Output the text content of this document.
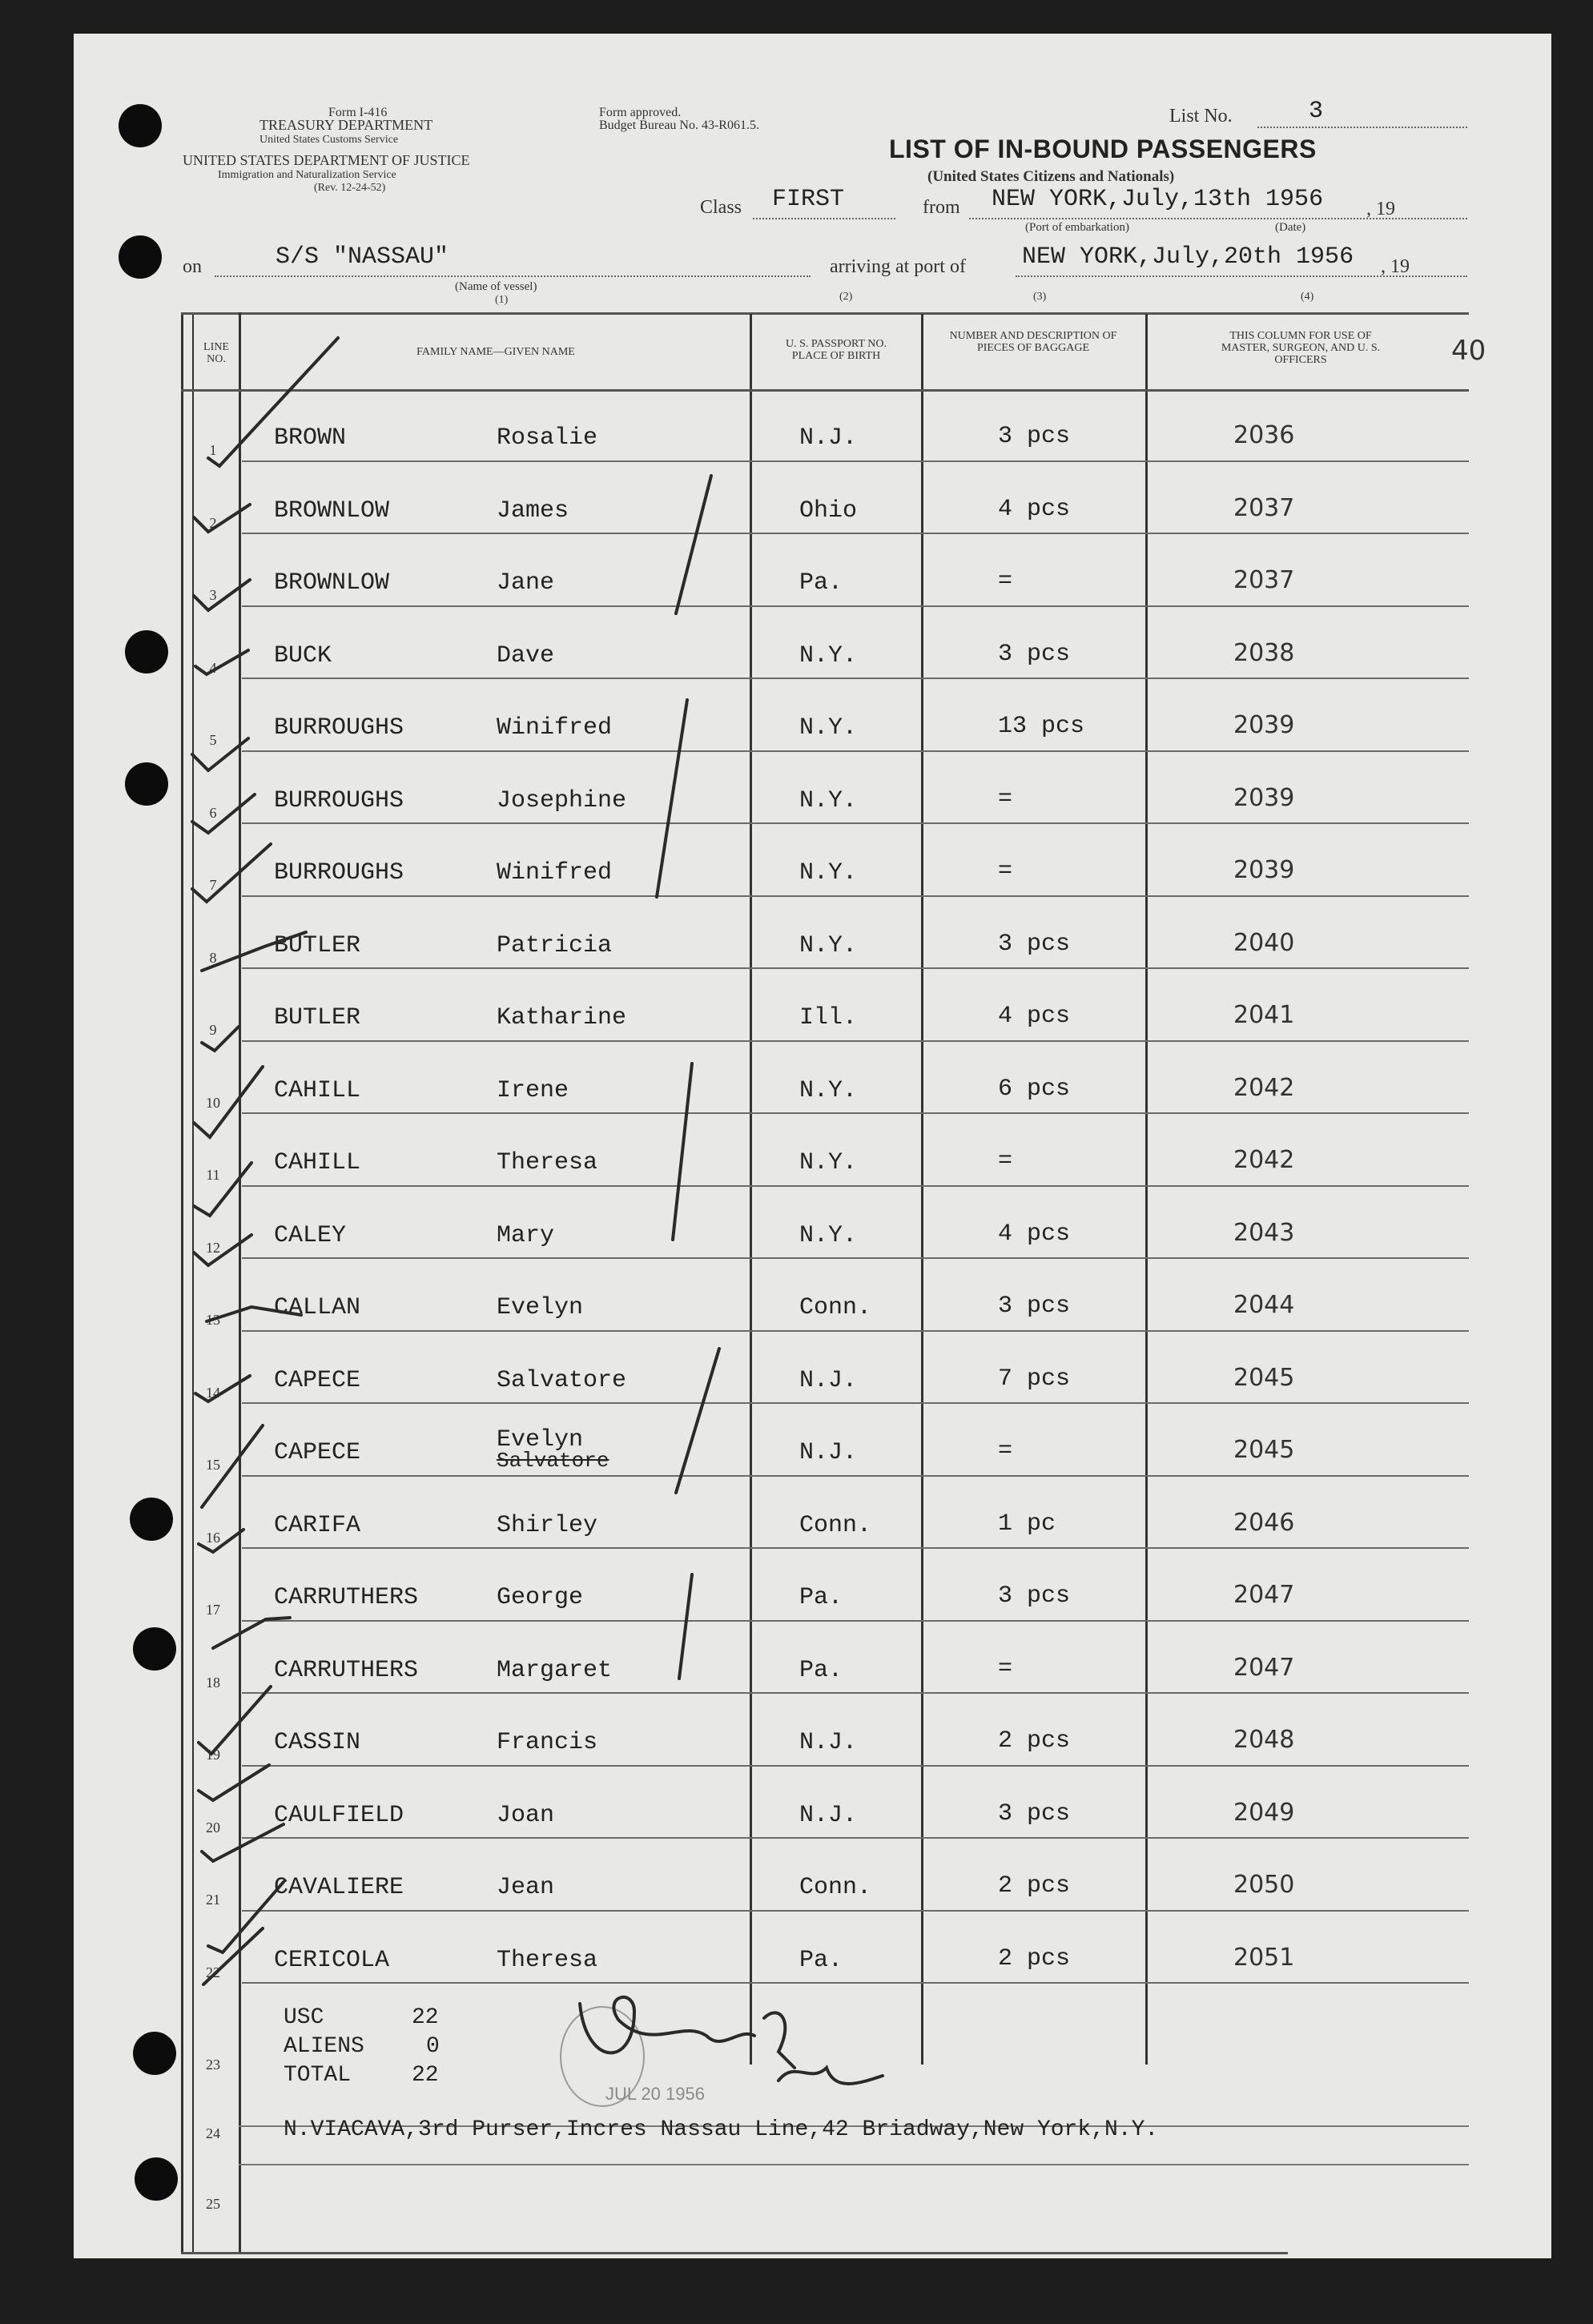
Form I-416
TREASURY DEPARTMENT
United States Customs Service
UNITED STATES DEPARTMENT OF JUSTICE
Immigration and Naturalization Service
(Rev. 12-24-52)
Form approved.
Budget Bureau No. 43-R061.5.	List No.	3
LIST OF IN-BOUND PASSENGERS
(United States Citizens and Nationals)
Class FIRST	from NEW YORK,July,13th 1956 , 19
(Port of embarkation)	(Date)
on	S/S "NASSAU"
(Name of vessel)
arriving at port of NEW YORK,July,20th 1956 , 19
(1)	(2)	(3)	(4)
LINE NO.
FAMILY NAME—GIVEN NAME
U. S. PASSPORT NO. PLACE OF BIRTH
NUMBER AND DESCRIPTION OF PIECES OF BAGGAGE
THIS COLUMN FOR USE OF MASTER, SURGEON, AND U. S. OFFICERS	40
1	BROWN	Rosalie	N.J.	3 pcs	2036
2	BROWNLOW	James	Ohio	4 pcs	2037
3	BROWNLOW	Jane	Pa.	=	2037
4	BUCK	Dave	N.Y.	3 pcs	2038
5	BURROUGHS	Winifred	N.Y.	13 pcs	2039
6	BURROUGHS	Josephine	N.Y.	=	2039
7	BURROUGHS	Winifred	N.Y.	=	2039
8	BUTLER	Patricia	N.Y.	3 pcs	2040
9	BUTLER	Katharine	Ill.	4 pcs	2041
10	CAHILL	Irene	N.Y.	6 pcs	2042
11	CAHILL	Theresa	N.Y.	=	2042
12	CALEY	Mary	N.Y.	4 pcs	2043
13	CALLAN	Evelyn	Conn.	3 pcs	2044
14	CAPECE	Salvatore	N.J.	7 pcs	2045
15	CAPECE	Evelyn	N.J.	=	2045
Salvatore
16	CARIFA	Shirley	Conn.	1 pc	2046
17	CARRUTHERS	George	Pa.	3 pcs	2047
18	CARRUTHERS	Margaret	Pa.	=	2047
19	CASSIN	Francis	N.J.	2 pcs	2048
20	CAULFIELD	Joan	N.J.	3 pcs	2049
21	CAVALIERE	Jean	Conn.	2 pcs	2050
22	CERICOLA	Theresa	Pa.	2 pcs	2051
23
USC	22
ALIENS	0
TOTAL	22
JUL 20 1956
24	N.VIACAVA,3rd Purser,Incres Nassau Line,42 Briadway,New York,N.Y.
25
